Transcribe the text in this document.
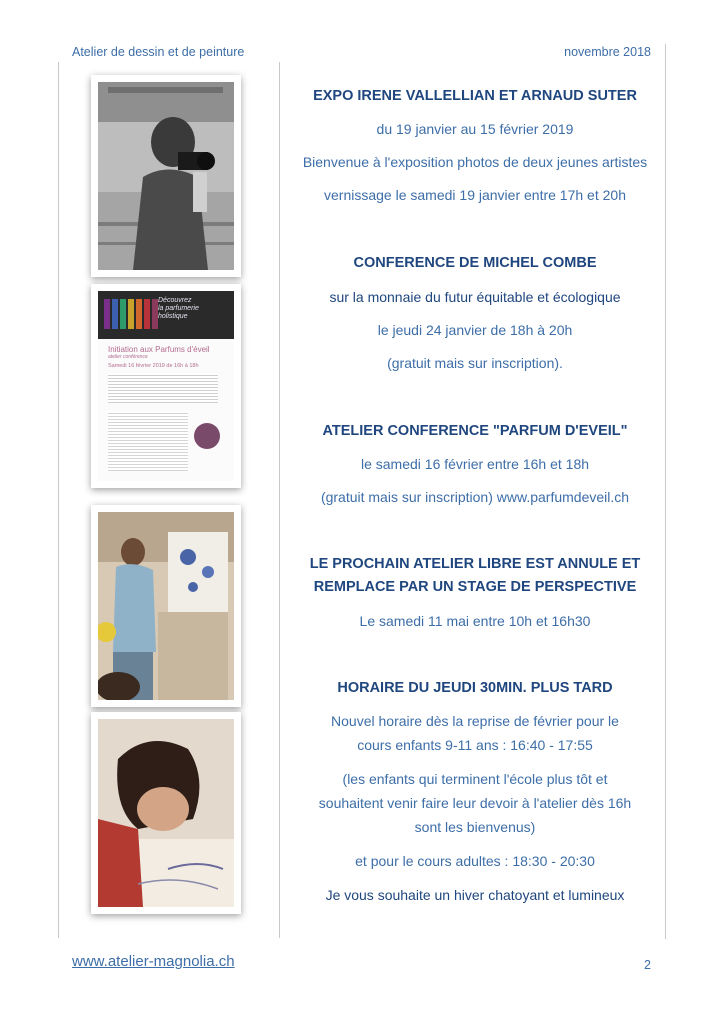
Atelier de dessin et de peinture	novembre 2018
Découvrez
la parfumerie
holistique
Initiation aux Parfums d'éveil
atelier conférence
Samedi 16 février 2019 de 16h à 18h
EXPO IRENE VALLELLIAN ET ARNAUD SUTER
du 19 janvier au 15 février 2019
Bienvenue à l'exposition photos de deux jeunes artistes
vernissage le samedi 19 janvier entre 17h et 20h
CONFERENCE DE MICHEL COMBE
sur la monnaie du futur équitable et écologique
le jeudi 24 janvier de 18h à 20h
(gratuit mais sur inscription).
ATELIER CONFERENCE "PARFUM D'EVEIL"
le samedi 16 février entre 16h et 18h
(gratuit mais sur inscription) www.parfumdeveil.ch
LE PROCHAIN ATELIER LIBRE EST ANNULE ET
REMPLACE PAR UN STAGE DE PERSPECTIVE
Le samedi 11 mai entre 10h et 16h30
HORAIRE DU JEUDI 30MIN. PLUS TARD
Nouvel horaire dès la reprise de février pour le
cours enfants 9-11 ans : 16:40 - 17:55
(les enfants qui terminent l'école plus tôt et
souhaitent venir faire leur devoir à l'atelier dès 16h
sont les bienvenus)
et pour le cours adultes : 18:30 - 20:30
Je vous souhaite un hiver chatoyant et lumineux
www.atelier-magnolia.ch	2
